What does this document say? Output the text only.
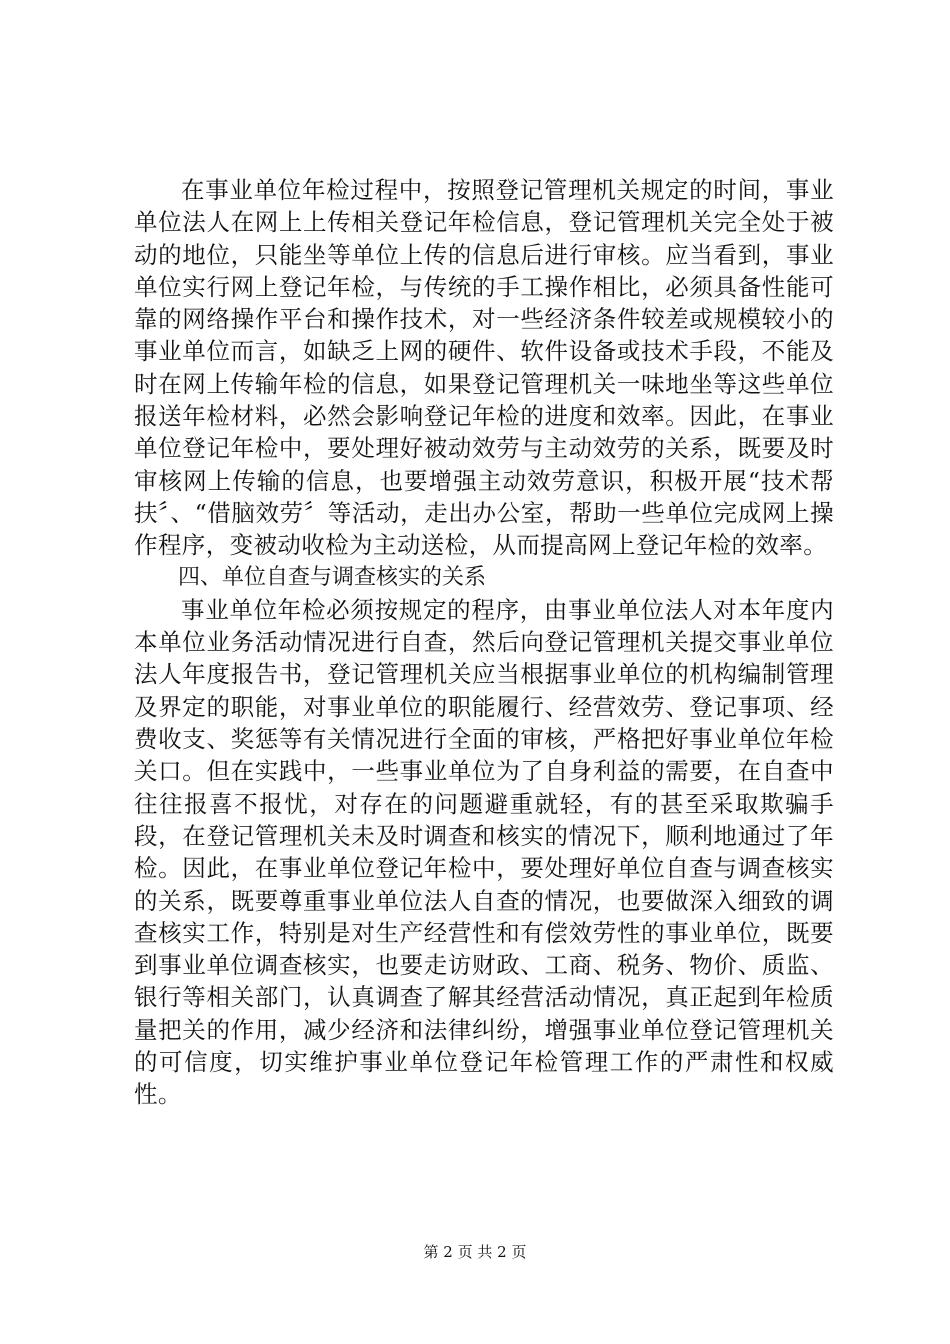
在事业单位年检过程中，按照登记管理机关规定的时间，事业单位法人在网上上传相关登记年检信息，登记管理机关完全处于被动的地位，只能坐等单位上传的信息后进行审核。应当看到，事业单位实行网上登记年检，与传统的手工操作相比，必须具备性能可靠的网络操作平台和操作技术，对一些经济条件较差或规模较小的事业单位而言，如缺乏上网的硬件、软件设备或技术手段，不能及时在网上传输年检的信息，如果登记管理机关一味地坐等这些单位报送年检材料，必然会影响登记年检的进度和效率。因此，在事业单位登记年检中，要处理好被动效劳与主动效劳的关系，既要及时审核网上传输的信息，也要增强主动效劳意识，积极开展“技术帮扶〞、“借脑效劳〞等活动，走出办公室，帮助一些单位完成网上操作程序，变被动收检为主动送检，从而提高网上登记年检的效率。

四、单位自查与调查核实的关系

事业单位年检必须按规定的程序，由事业单位法人对本年度内本单位业务活动情况进行自查，然后向登记管理机关提交事业单位法人年度报告书，登记管理机关应当根据事业单位的机构编制管理及界定的职能，对事业单位的职能履行、经营效劳、登记事项、经费收支、奖惩等有关情况进行全面的审核，严格把好事业单位年检关口。但在实践中，一些事业单位为了自身利益的需要，在自查中往往报喜不报忧，对存在的问题避重就轻，有的甚至采取欺骗手段，在登记管理机关未及时调查和核实的情况下，顺利地通过了年检。因此，在事业单位登记年检中，要处理好单位自查与调查核实的关系，既要尊重事业单位法人自查的情况，也要做深入细致的调查核实工作，特别是对生产经营性和有偿效劳性的事业单位，既要到事业单位调查核实，也要走访财政、工商、税务、物价、质监、银行等相关部门，认真调查了解其经营活动情况，真正起到年检质量把关的作用，减少经济和法律纠纷，增强事业单位登记管理机关的可信度，切实维护事业单位登记年检管理工作的严肃性和权威性。

第 2 页 共 2 页
